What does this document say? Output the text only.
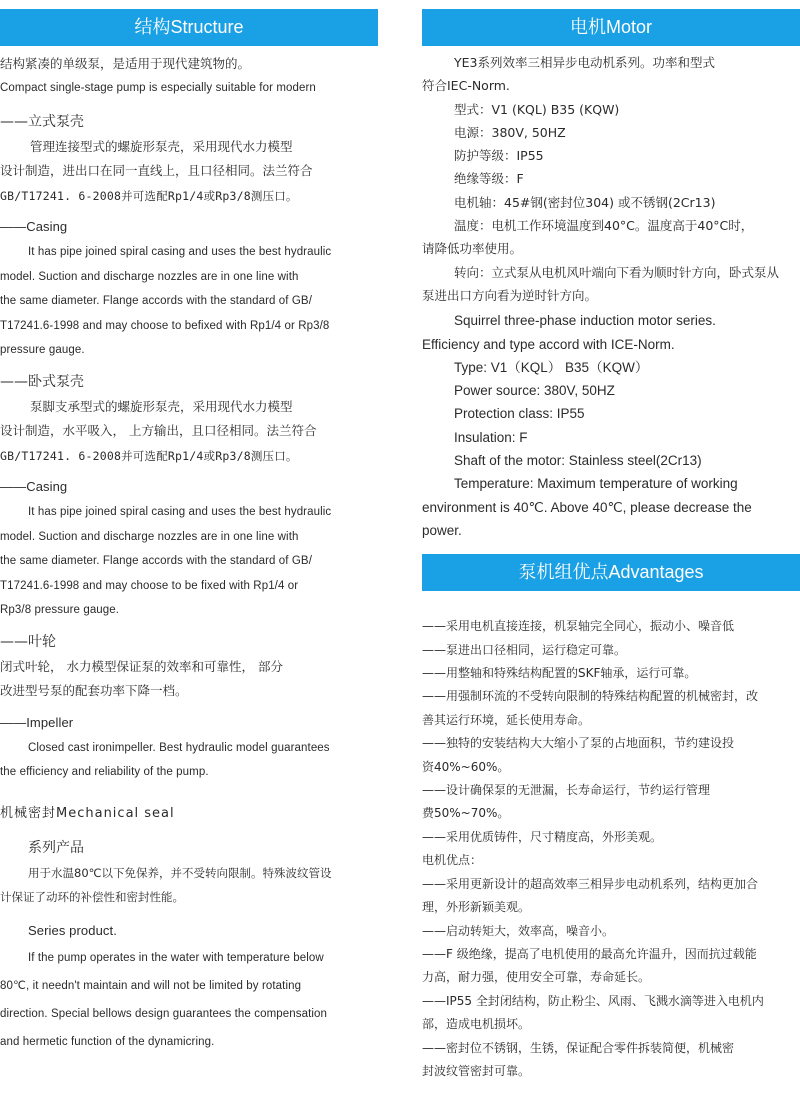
结构Structure

结构紧凑的单级泵，是适用于现代建筑物的。

Compact single-stage pump is especially suitable for modern

——立式泵壳

管理连接型式的螺旋形泵壳，采用现代水力模型

设计制造，进出口在同一直线上，且口径相同。法兰符合

GB/T17241. 6-2008并可选配Rp1/4或Rp3/8测压口。

——Casing

It has pipe joined spiral casing and uses the best hydraulic

model. Suction and discharge nozzles are in one line with

the same diameter. Flange accords with the standard of GB/

T17241.6-1998 and may choose to befixed with Rp1/4 or Rp3/8

pressure gauge.

——卧式泵壳

泵脚支承型式的螺旋形泵壳，采用现代水力模型

设计制造，水平吸入， 上方输出，且口径相同。法兰符合

GB/T17241. 6-2008并可选配Rp1/4或Rp3/8测压口。

——Casing

It has pipe joined spiral casing and uses the best hydraulic

model. Suction and discharge nozzles are in one line with

the same diameter. Flange accords with the standard of GB/

T17241.6-1998 and may choose to be fixed with Rp1/4 or

Rp3/8 pressure gauge.

——叶轮

闭式叶轮， 水力模型保证泵的效率和可靠性， 部分

改进型号泵的配套功率下降一档。

——Impeller

Closed cast ironimpeller. Best hydraulic model guarantees

the efficiency and reliability of the pump.

机械密封Mechanical seal

系列产品

用于水温80℃以下免保养，并不受转向限制。特殊波纹管设

计保证了动环的补偿性和密封性能。

Series product.

If the pump operates in the water with temperature below

80℃, it needn't maintain and will not be limited by rotating

direction. Special bellows design guarantees the compensation

and hermetic function of the dynamicring.

电机Motor

YE3系列效率三相异步电动机系列。功率和型式

符合IEC-Norm.

型式：V1 (KQL) B35 (KQW)

电源：380V, 50HZ

防护等级：IP55

绝缘等级：F

电机轴：45#钢(密封位304) 或不锈钢(2Cr13)

温度：电机工作环境温度到40°C。温度高于40°C时，

请降低功率使用。

转向：立式泵从电机风叶端向下看为顺时针方向，卧式泵从

泵进出口方向看为逆时针方向。

Squirrel three-phase induction motor series.

Efficiency and type accord with ICE-Norm.

Type: V1（KQL） B35（KQW）

Power source: 380V, 50HZ

Protection class: IP55

Insulation: F

Shaft of the motor: Stainless steel(2Cr13)

Temperature: Maximum temperature of working

environment is 40℃. Above 40℃, please decrease the

power.

泵机组优点Advantages

——采用电机直接连接，机泵轴完全同心，振动小、噪音低

——泵进出口径相同，运行稳定可靠。

——用整轴和特殊结构配置的SKF轴承，运行可靠。

——用强制环流的不受转向限制的特殊结构配置的机械密封，改

善其运行环境，延长使用寿命。

——独特的安装结构大大缩小了泵的占地面积，节约建设投

资40%~60%。

——设计确保泵的无泄漏，长寿命运行，节约运行管理

费50%~70%。

——采用优质铸件，尺寸精度高，外形美观。

电机优点：

——采用更新设计的超高效率三相异步电动机系列，结构更加合

理，外形新颖美观。

——启动转矩大，效率高，噪音小。

——F 级绝缘，提高了电机使用的最高允许温升，因而抗过载能

力高，耐力强，使用安全可靠，寿命延长。

——IP55 全封闭结构，防止粉尘、风雨、飞溅水滴等进入电机内

部，造成电机损坏。

——密封位不锈钢，生锈，保证配合零件拆装简便，机械密

封波纹管密封可靠。
